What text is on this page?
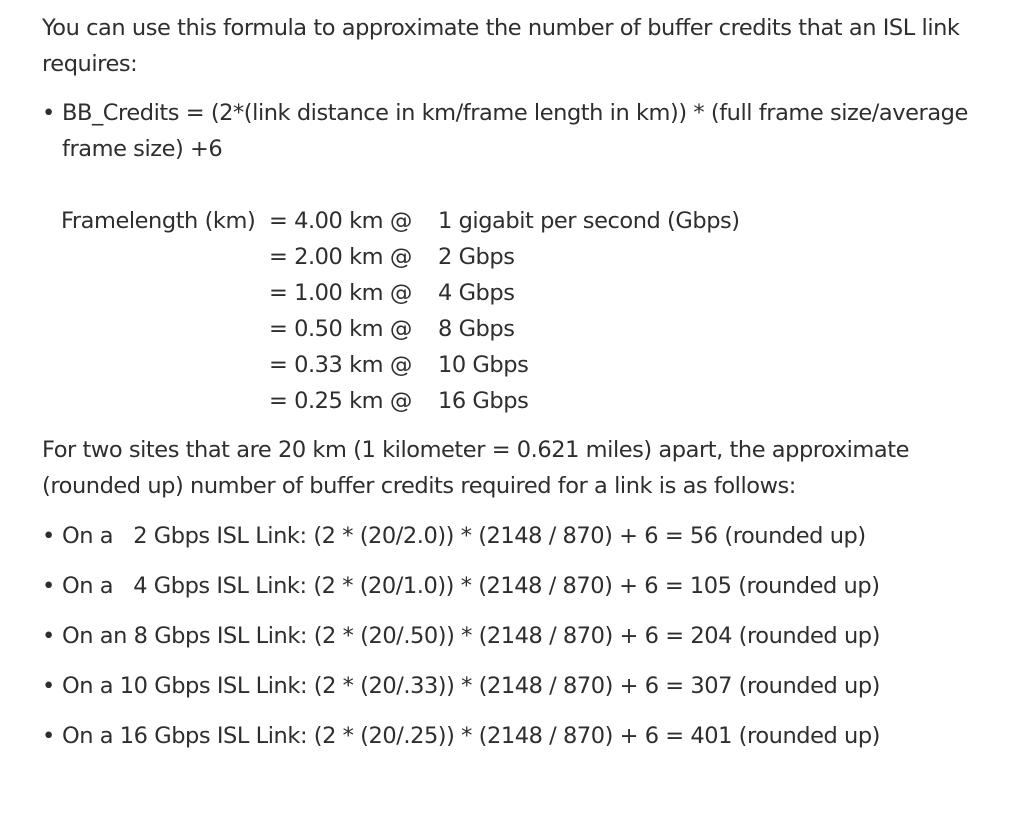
You can use this formula to approximate the number of buffer credits that an ISL link requires:

• BB_Credits = (2*(link distance in km/frame length in km)) * (full frame size/average frame size) +6
Framelength (km)	= 4.00 km @	1 gigabit per second (Gbps)
	= 2.00 km @	2 Gbps
	= 1.00 km @	4 Gbps
	= 0.50 km @	8 Gbps
	= 0.33 km @	10 Gbps
	= 0.25 km @	16 Gbps

For two sites that are 20 km (1 kilometer = 0.621 miles) apart, the approximate (rounded up) number of buffer credits required for a link is as follows:

• On a   2 Gbps ISL Link: (2 * (20/2.0)) * (2148 / 870) + 6 = 56 (rounded up)
• On a   4 Gbps ISL Link: (2 * (20/1.0)) * (2148 / 870) + 6 = 105 (rounded up)
• On an 8 Gbps ISL Link: (2 * (20/.50)) * (2148 / 870) + 6 = 204 (rounded up)
• On a 10 Gbps ISL Link: (2 * (20/.33)) * (2148 / 870) + 6 = 307 (rounded up)
• On a 16 Gbps ISL Link: (2 * (20/.25)) * (2148 / 870) + 6 = 401 (rounded up)
